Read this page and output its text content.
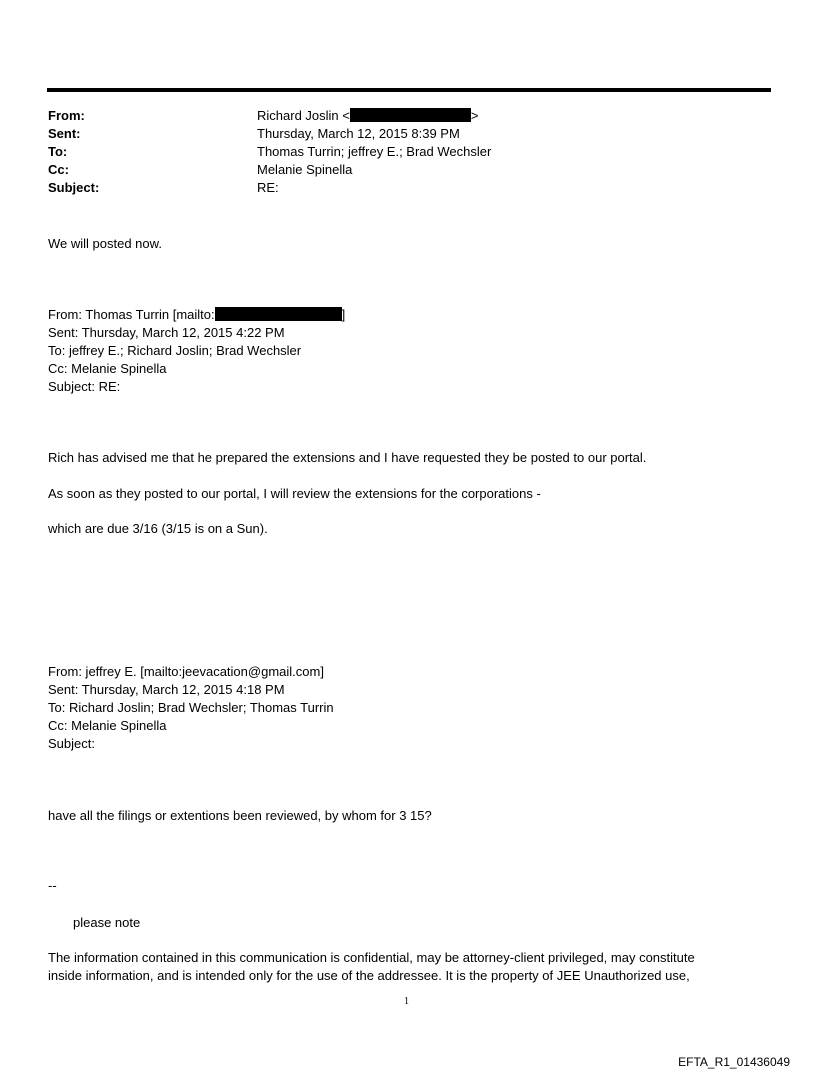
From:	Richard Joslin <	>
Sent:	Thursday, March 12, 2015 8:39 PM
To:	Thomas Turrin; jeffrey E.; Brad Wechsler
Cc:	Melanie Spinella
Subject:	RE:
We will posted now.
From: Thomas Turrin [mailto:	]
Sent: Thursday, March 12, 2015 4:22 PM
To: jeffrey E.; Richard Joslin; Brad Wechsler
Cc: Melanie Spinella
Subject: RE:
Rich has advised me that he prepared the extensions and I have requested they be posted to our portal.
As soon as they posted to our portal, I will review the extensions for the corporations -
which are due 3/16 (3/15 is on a Sun).
From: jeffrey E. [mailto:jeevacation@gmail.com]
Sent: Thursday, March 12, 2015 4:18 PM
To: Richard Joslin; Brad Wechsler; Thomas Turrin
Cc: Melanie Spinella
Subject:
have all the filings or extentions been reviewed, by whom for 3 15?
--
please note
The information contained in this communication is confidential, may be attorney-client privileged, may constitute
inside information, and is intended only for the use of the addressee. It is the property of JEE Unauthorized use,
1
EFTA_R1_01436049
